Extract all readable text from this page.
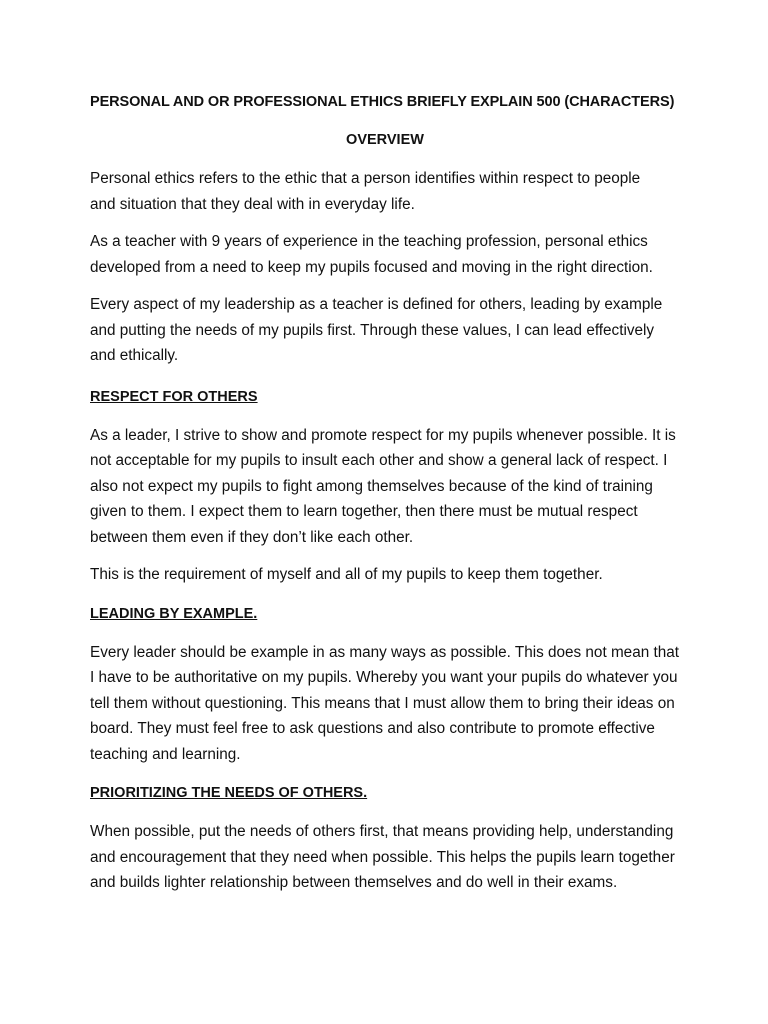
PERSONAL AND OR PROFESSIONAL ETHICS BRIEFLY EXPLAIN 500 (CHARACTERS)
OVERVIEW

Personal ethics refers to the ethic that a person identifies within respect to people and situation that they deal with in everyday life.

As a teacher with 9 years of experience in the teaching profession, personal ethics developed from a need to keep my pupils focused and moving in the right direction.

Every aspect of my leadership as a teacher is defined for others, leading by example and putting the needs of my pupils first. Through these values, I can lead effectively and ethically.

RESPECT FOR OTHERS

As a leader, I strive to show and promote respect for my pupils whenever possible. It is not acceptable for my pupils to insult each other and show a general lack of respect. I also not expect my pupils to fight among themselves because of the kind of training given to them. I expect them to learn together, then there must be mutual respect between them even if they don’t like each other.

This is the requirement of myself and all of my pupils to keep them together.

LEADING BY EXAMPLE.

Every leader should be example in as many ways as possible. This does not mean that I have to be authoritative on my pupils. Whereby you want your pupils do whatever you tell them without questioning. This means that I must allow them to bring their ideas on board. They must feel free to ask questions and also contribute to promote effective teaching and learning.

PRIORITIZING THE NEEDS OF OTHERS.

When possible, put the needs of others first, that means providing help, understanding and encouragement that they need when possible. This helps the pupils learn together and builds lighter relationship between themselves and do well in their exams.
